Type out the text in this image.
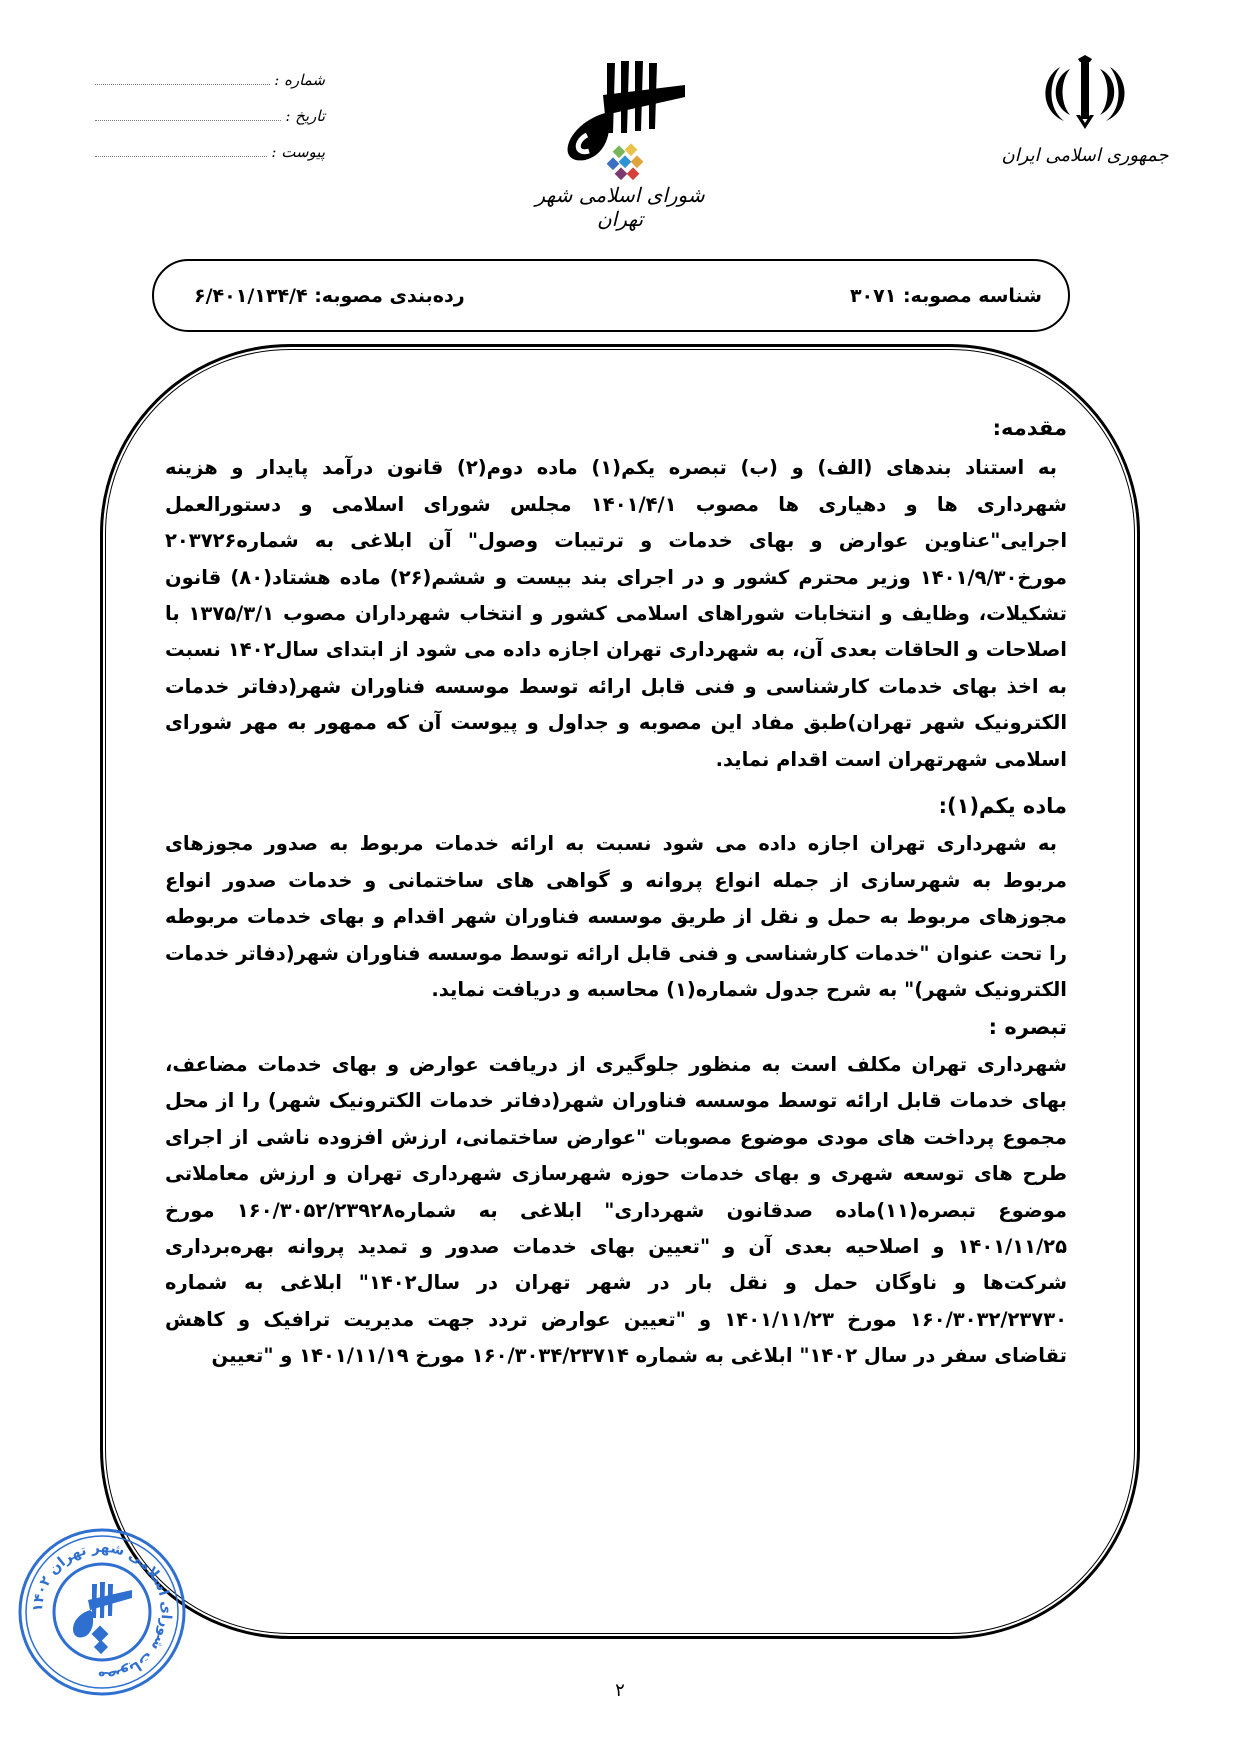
شماره :
تاریخ :
پیوست :
شورای اسلامی شهر تهران
جمهوری اسلامی ایران
شناسه مصوبه: ۳۰۷۱
رده‌بندی مصوبه: ۶/۴۰۱/۱۳۴/۴
مقدمه:

به استناد بندهای (الف) و (ب) تبصره یکم(۱) ماده دوم(۲) قانون درآمد پایدار و هزینه شهرداری ها و دهیاری ها مصوب ۱۴۰۱/۴/۱ مجلس شورای اسلامی و دستورالعمل اجرایی"عناوین عوارض و بهای خدمات و ترتیبات وصول" آن ابلاغی به شماره۲۰۳۷۲۶ مورخ۱۴۰۱/۹/۳۰ وزیر محترم کشور و در اجرای بند بیست و ششم(۲۶) ماده هشتاد(۸۰) قانون تشکیلات، وظایف و انتخابات شوراهای اسلامی کشور و انتخاب شهرداران مصوب ۱۳۷۵/۳/۱ با اصلاحات و الحاقات بعدی آن، به شهرداری تهران اجازه داده می شود از ابتدای سال۱۴۰۲ نسبت به اخذ بهای خدمات کارشناسی و فنی قابل ارائه توسط موسسه فناوران شهر(دفاتر خدمات الکترونیک شهر تهران)طبق مفاد این مصوبه و جداول و پیوست آن که ممهور به مهر شورای اسلامی شهرتهران است اقدام نماید.

ماده یکم(۱):

به شهرداری تهران اجازه داده می شود نسبت به ارائه خدمات مربوط به صدور مجوزهای مربوط به شهرسازی از جمله انواع پروانه و گواهی های ساختمانی و خدمات صدور انواع مجوزهای مربوط به حمل و نقل از طریق موسسه فناوران شهر اقدام و بهای خدمات مربوطه را تحت عنوان "خدمات کارشناسی و فنی قابل ارائه توسط موسسه فناوران شهر(دفاتر خدمات الکترونیک شهر)" به شرح جدول شماره(۱) محاسبه و دریافت نماید.

تبصره :

شهرداری تهران مکلف است به منظور جلوگیری از دریافت عوارض و بهای خدمات مضاعف، بهای خدمات قابل ارائه توسط موسسه فناوران شهر(دفاتر خدمات الکترونیک شهر) را از محل مجموع پرداخت های مودی موضوع مصوبات "عوارض ساختمانی، ارزش افزوده ناشی از اجرای طرح های توسعه شهری و بهای خدمات حوزه شهرسازی شهرداری تهران و ارزش معاملاتی موضوع تبصره(۱۱)ماده صدقانون شهرداری" ابلاغی به شماره۱۶۰/۳۰۵۲/۲۳۹۲۸ مورخ ۱۴۰۱/۱۱/۲۵ و اصلاحیه بعدی آن و "تعیین بهای خدمات صدور و تمدید پروانه بهره‌برداری شرکت‌ها و ناوگان حمل و نقل بار در شهر تهران در سال۱۴۰۲" ابلاغی به شماره ۱۶۰/۳۰۳۲/۲۳۷۳۰ مورخ ۱۴۰۱/۱۱/۲۳ و "تعیین عوارض تردد جهت مدیریت ترافیک و کاهش تقاضای سفر در سال ۱۴۰۲" ابلاغی به شماره ۱۶۰/۳۰۳۴/۲۳۷۱۴ مورخ ۱۴۰۱/۱۱/۱۹ و "تعیین

مصوبات شورای اسلامی شهر تهران ۱۴۰۲
۲
